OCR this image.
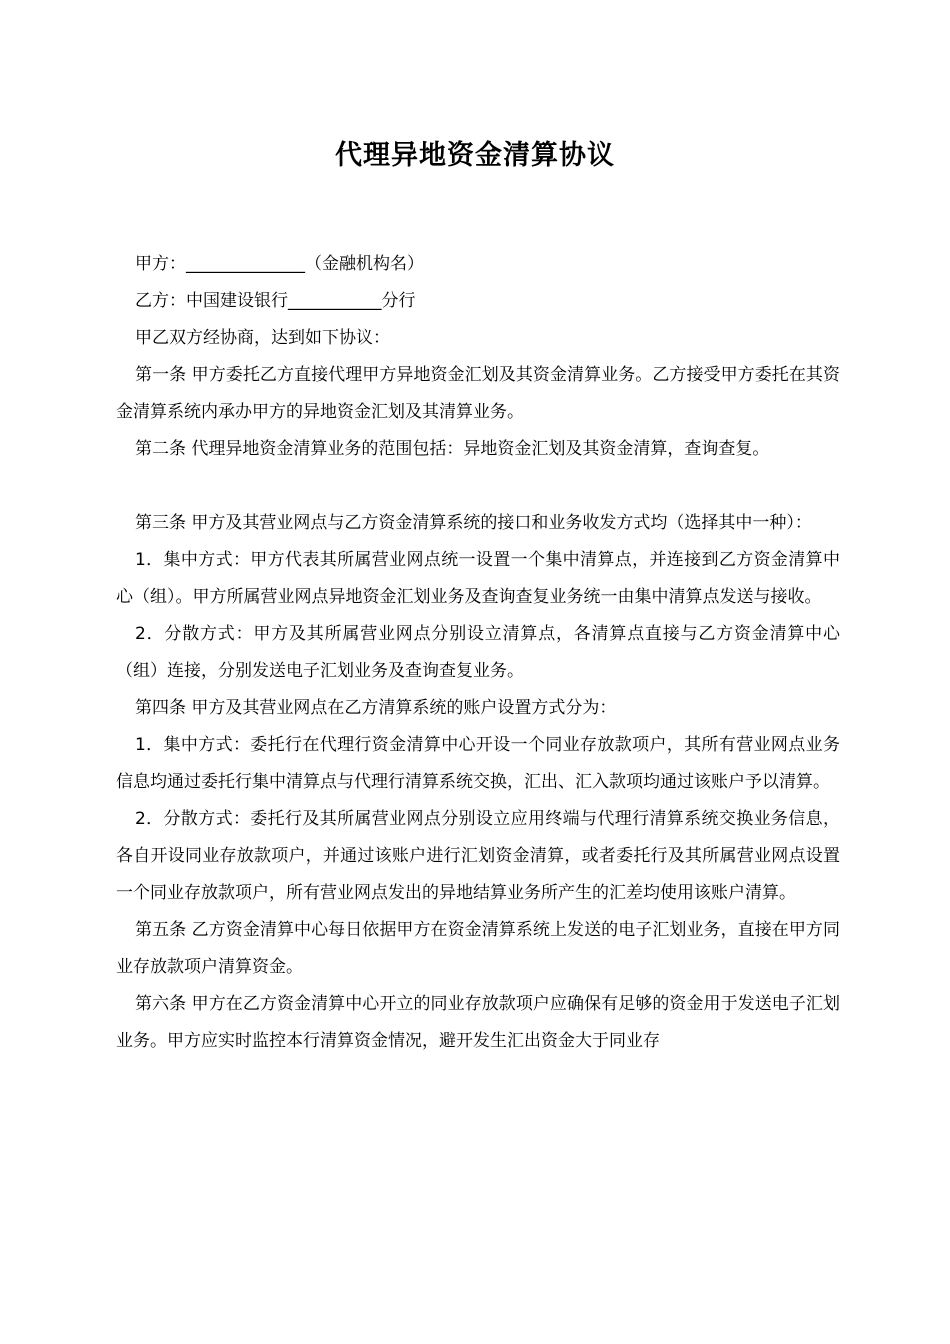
代理异地资金清算协议

甲方：______________（金融机构名）

乙方：中国建设银行___________分行

甲乙双方经协商，达到如下协议：

第一条 甲方委托乙方直接代理甲方异地资金汇划及其资金清算业务。乙方接受甲方委托在其资金清算系统内承办甲方的异地资金汇划及其清算业务。

第二条 代理异地资金清算业务的范围包括：异地资金汇划及其资金清算，查询查复。

第三条 甲方及其营业网点与乙方资金清算系统的接口和业务收发方式均（选择其中一种）：

1．集中方式：甲方代表其所属营业网点统一设置一个集中清算点，并连接到乙方资金清算中心（组）。甲方所属营业网点异地资金汇划业务及查询查复业务统一由集中清算点发送与接收。

2．分散方式：甲方及其所属营业网点分别设立清算点，各清算点直接与乙方资金清算中心（组）连接，分别发送电子汇划业务及查询查复业务。

第四条 甲方及其营业网点在乙方清算系统的账户设置方式分为：

1．集中方式：委托行在代理行资金清算中心开设一个同业存放款项户，其所有营业网点业务信息均通过委托行集中清算点与代理行清算系统交换，汇出、汇入款项均通过该账户予以清算。

2．分散方式：委托行及其所属营业网点分别设立应用终端与代理行清算系统交换业务信息，各自开设同业存放款项户，并通过该账户进行汇划资金清算，或者委托行及其所属营业网点设置一个同业存放款项户，所有营业网点发出的异地结算业务所产生的汇差均使用该账户清算。

第五条 乙方资金清算中心每日依据甲方在资金清算系统上发送的电子汇划业务，直接在甲方同业存放款项户清算资金。

第六条 甲方在乙方资金清算中心开立的同业存放款项户应确保有足够的资金用于发送电子汇划业务。甲方应实时监控本行清算资金情况，避开发生汇出资金大于同业存
